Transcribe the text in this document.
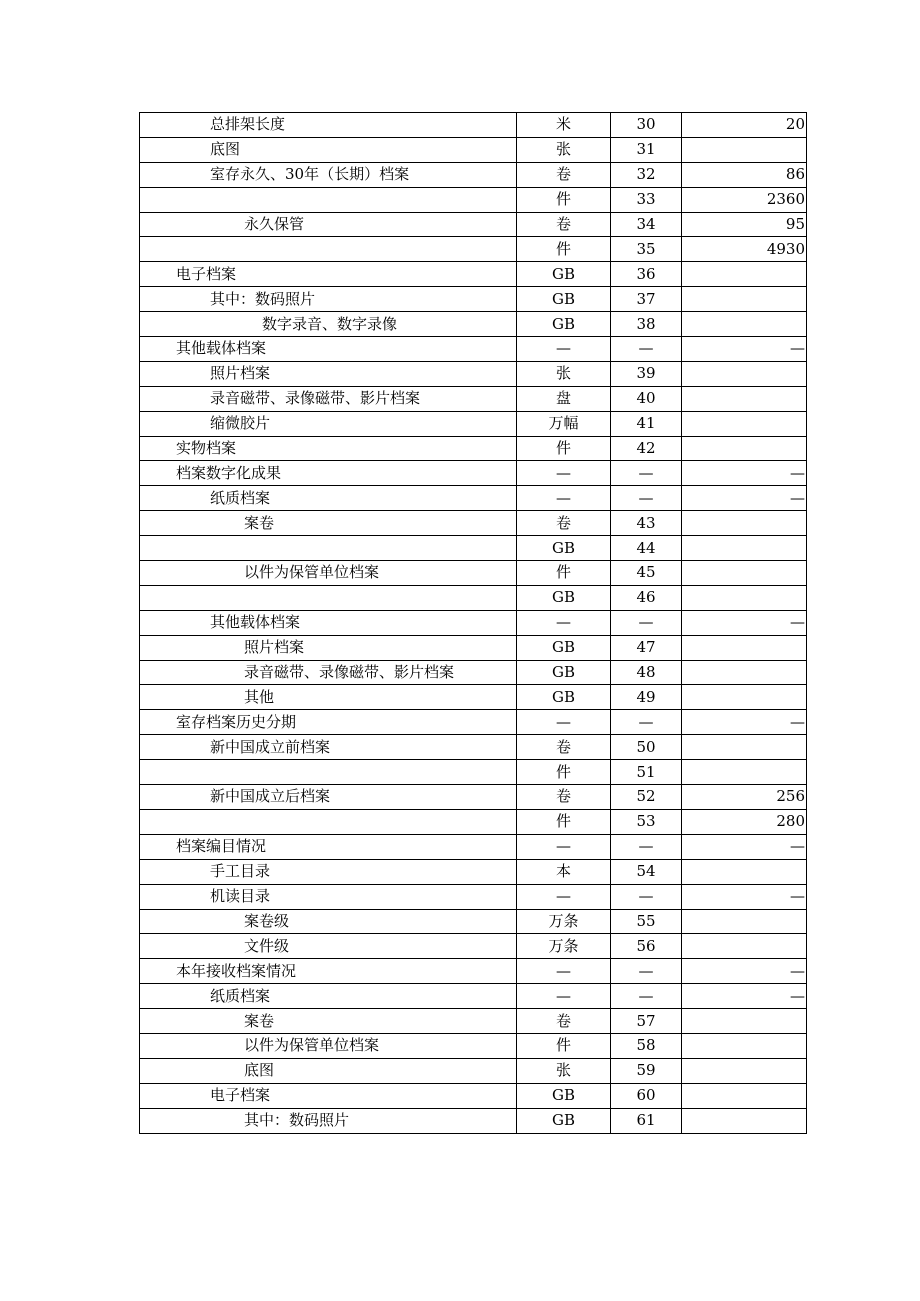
总排架长度	米	30	20
底图	张	31	
室存永久、30年（长期）档案	卷	32	86
	件	33	2360
永久保管	卷	34	95
	件	35	4930
电子档案	GB	36	
其中：数码照片	GB	37	
数字录音、数字录像	GB	38	
其他载体档案	—	—	—
照片档案	张	39	
录音磁带、录像磁带、影片档案	盘	40	
缩微胶片	万幅	41	
实物档案	件	42	
档案数字化成果	—	—	—
纸质档案	—	—	—
案卷	卷	43	
	GB	44	
以件为保管单位档案	件	45	
	GB	46	
其他载体档案	—	—	—
照片档案	GB	47	
录音磁带、录像磁带、影片档案	GB	48	
其他	GB	49	
室存档案历史分期	—	—	—
新中国成立前档案	卷	50	
	件	51	
新中国成立后档案	卷	52	256
	件	53	280
档案编目情况	—	—	—
手工目录	本	54	
机读目录	—	—	—
案卷级	万条	55	
文件级	万条	56	
本年接收档案情况	—	—	—
纸质档案	—	—	—
案卷	卷	57	
以件为保管单位档案	件	58	
底图	张	59	
电子档案	GB	60	
其中：数码照片	GB	61	
